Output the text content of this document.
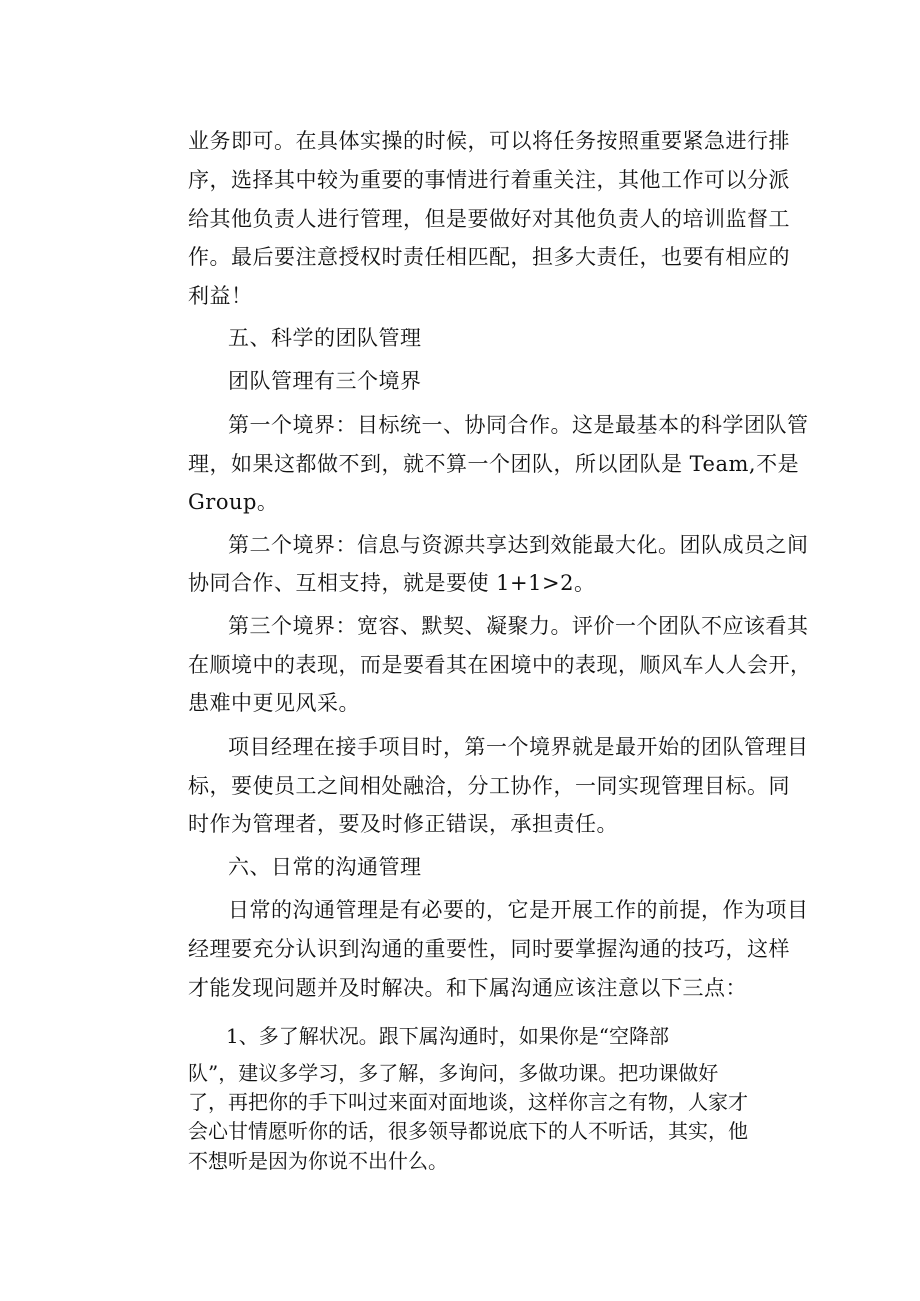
业务即可。在具体实操的时候，可以将任务按照重要紧急进行排
序，选择其中较为重要的事情进行着重关注，其他工作可以分派
给其他负责人进行管理，但是要做好对其他负责人的培训监督工
作。最后要注意授权时责任相匹配，担多大责任，也要有相应的
利益！
五、科学的团队管理
团队管理有三个境界
第一个境界：目标统一、协同合作。这是最基本的科学团队管
理，如果这都做不到，就不算一个团队，所以团队是 Team,不是
Group。
第二个境界：信息与资源共享达到效能最大化。团队成员之间
协同合作、互相支持，就是要使 1+1>2。
第三个境界：宽容、默契、凝聚力。评价一个团队不应该看其
在顺境中的表现，而是要看其在困境中的表现，顺风车人人会开，
患难中更见风采。
项目经理在接手项目时，第一个境界就是最开始的团队管理目
标，要使员工之间相处融洽，分工协作，一同实现管理目标。同
时作为管理者，要及时修正错误，承担责任。
六、日常的沟通管理
日常的沟通管理是有必要的，它是开展工作的前提，作为项目
经理要充分认识到沟通的重要性，同时要掌握沟通的技巧，这样
才能发现问题并及时解决。和下属沟通应该注意以下三点：
1、多了解状况。跟下属沟通时，如果你是“空降部
队”，建议多学习，多了解，多询问，多做功课。把功课做好
了，再把你的手下叫过来面对面地谈，这样你言之有物，人家才
会心甘情愿听你的话，很多领导都说底下的人不听话，其实，他
不想听是因为你说不出什么。
